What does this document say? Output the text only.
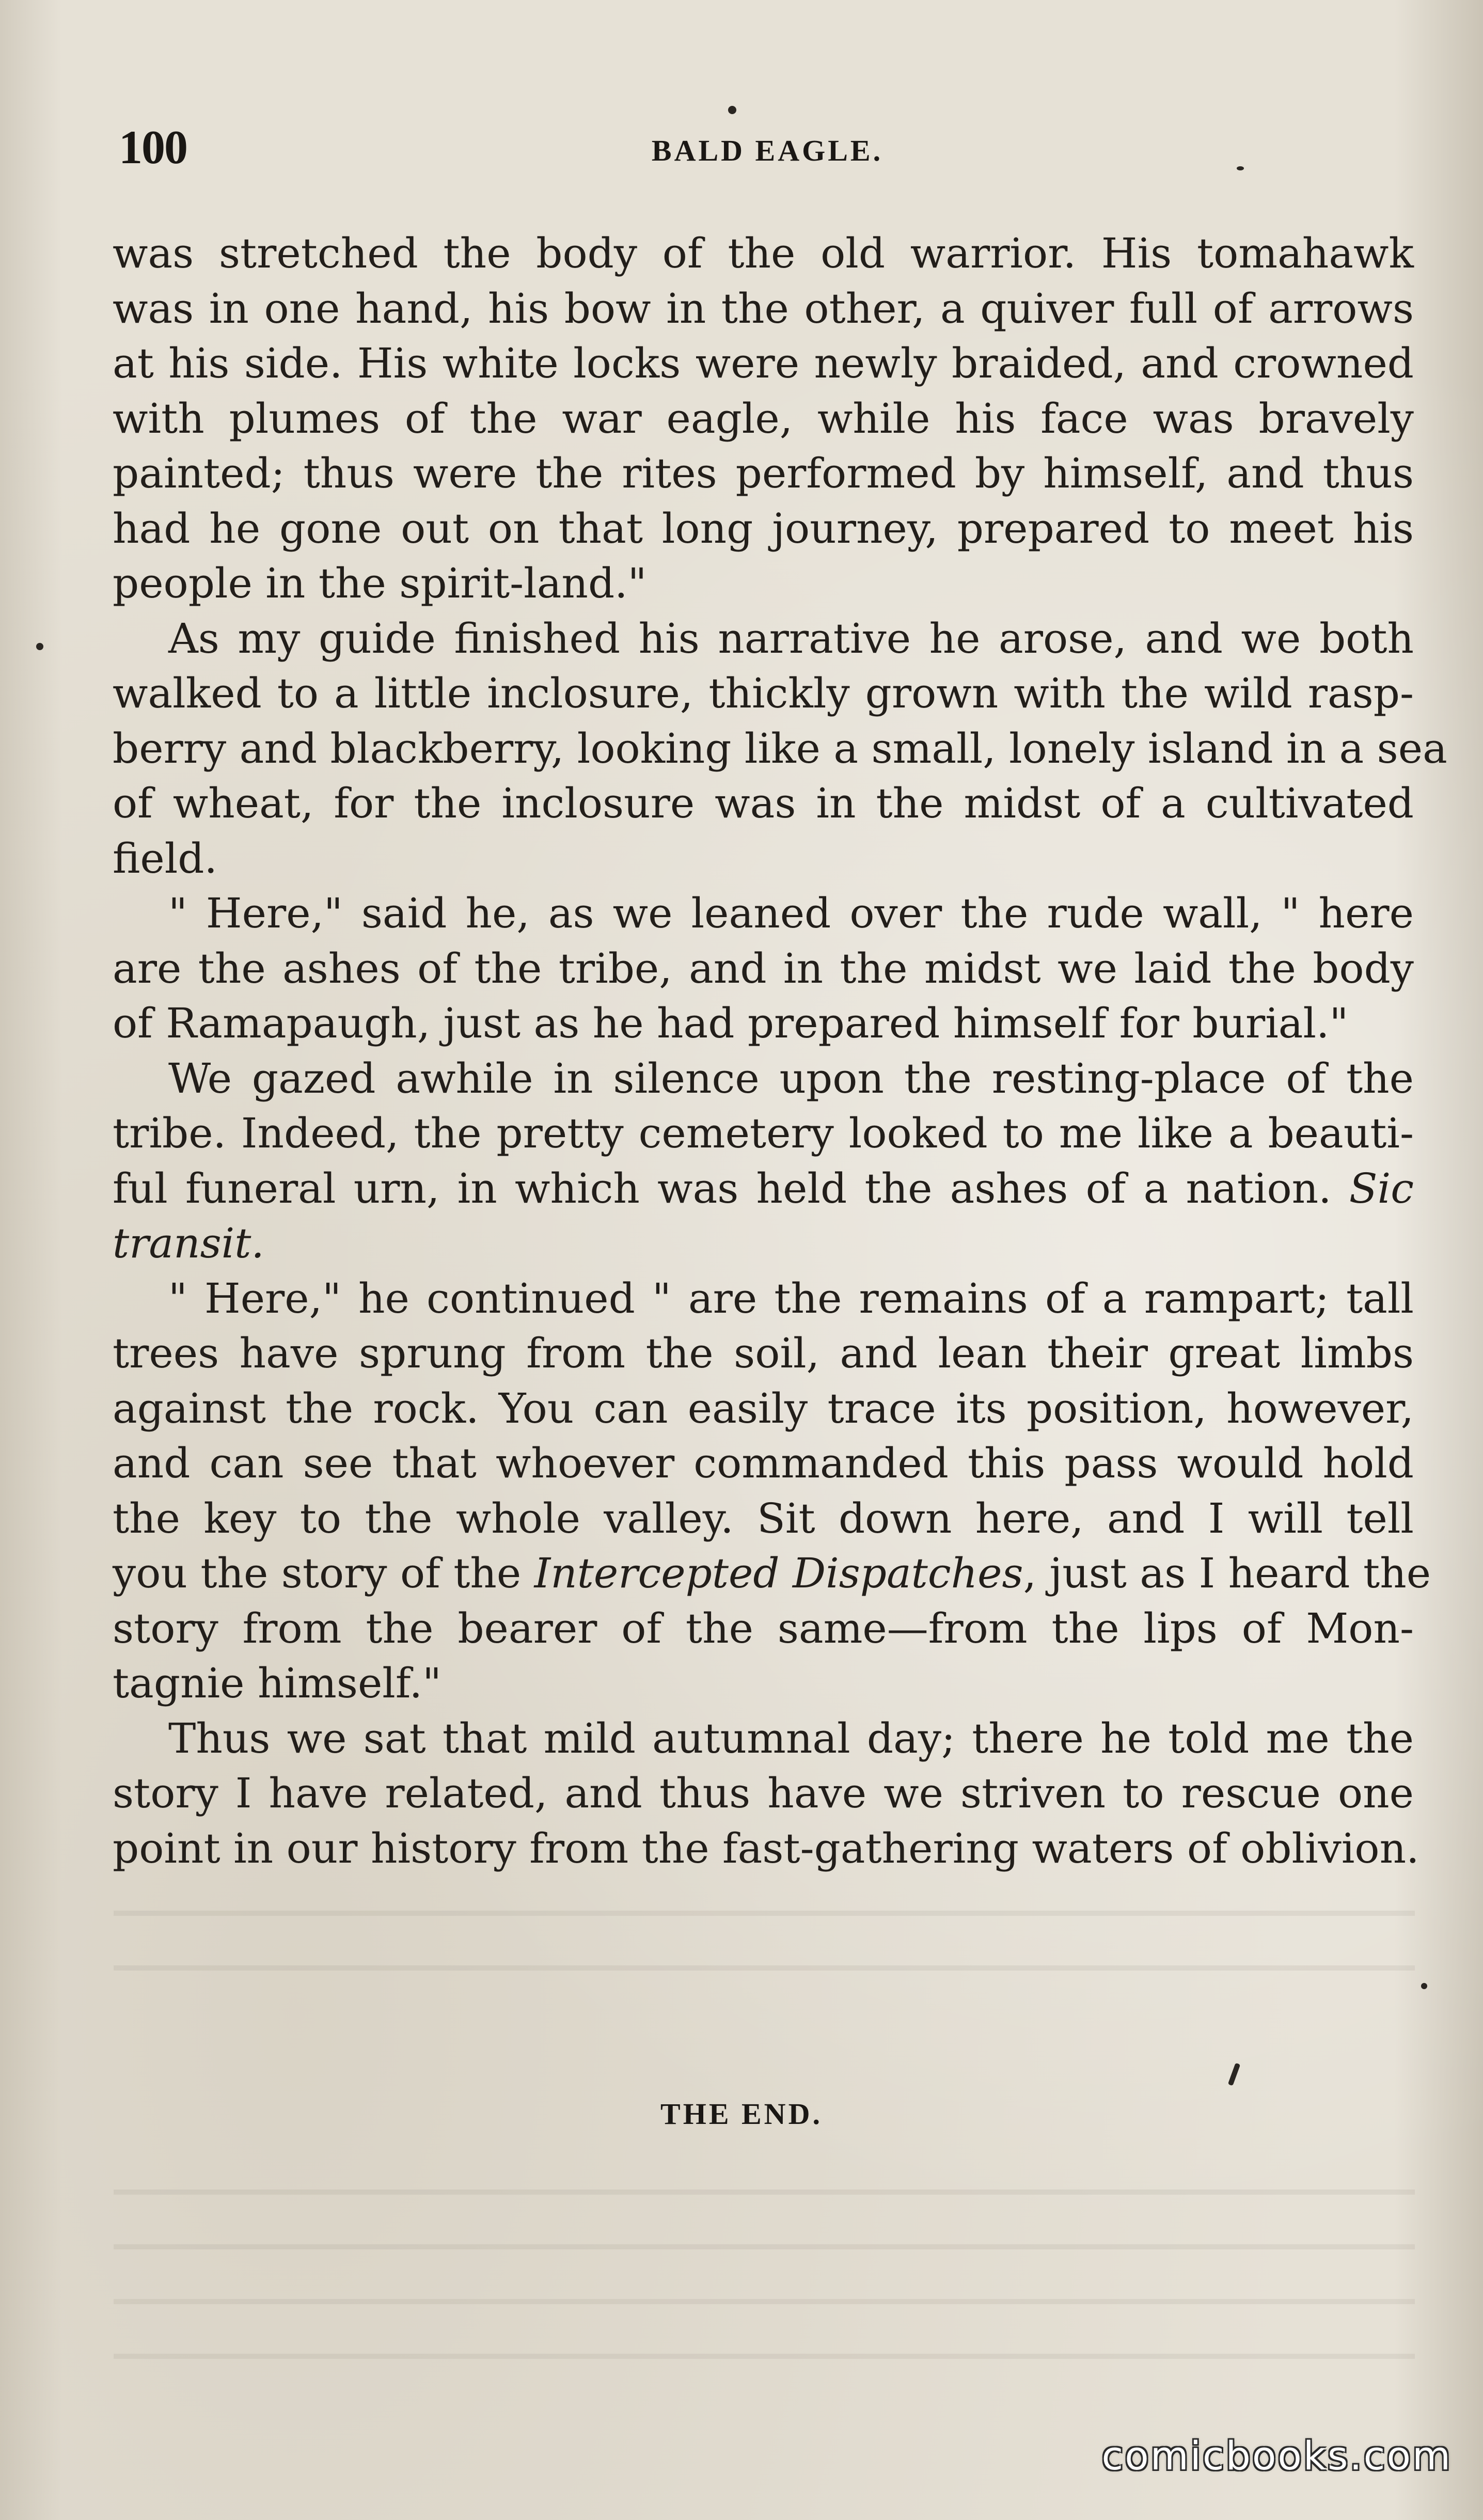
100	BALD EAGLE.

was stretched the body of the old warrior. His tomahawk
was in one hand, his bow in the other, a quiver full of arrows
at his side. His white locks were newly braided, and crowned
with plumes of the war eagle, while his face was bravely
painted; thus were the rites performed by himself, and thus
had he gone out on that long journey, prepared to meet his
people in the spirit-land."

As my guide finished his narrative he arose, and we both
walked to a little inclosure, thickly grown with the wild rasp-
berry and blackberry, looking like a small, lonely island in a sea
of wheat, for the inclosure was in the midst of a cultivated
field.

" Here," said he, as we leaned over the rude wall, " here
are the ashes of the tribe, and in the midst we laid the body
of Ramapaugh, just as he had prepared himself for burial."

We gazed awhile in silence upon the resting-place of the
tribe. Indeed, the pretty cemetery looked to me like a beauti-
ful funeral urn, in which was held the ashes of a nation. Sic
transit.

" Here," he continued " are the remains of a rampart; tall
trees have sprung from the soil, and lean their great limbs
against the rock. You can easily trace its position, however,
and can see that whoever commanded this pass would hold
the key to the whole valley. Sit down here, and I will tell
you the story of the Intercepted Dispatches, just as I heard the
story from the bearer of the same—from the lips of Mon-
tagnie himself."

Thus we sat that mild autumnal day; there he told me the
story I have related, and thus have we striven to rescue one
point in our history from the fast-gathering waters of oblivion.

THE END.
comicbooks.com
